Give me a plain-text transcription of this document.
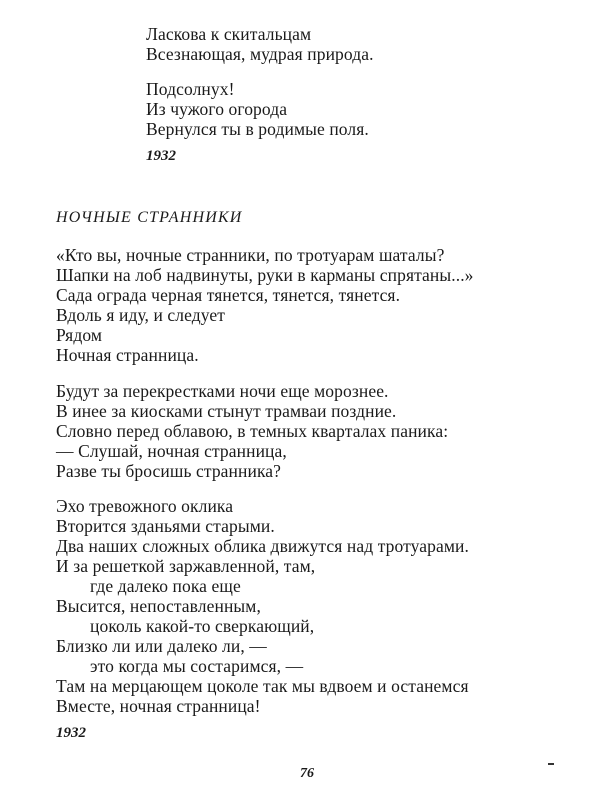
Ласкова к скитальцам
Всезнающая, мудрая природа.
Подсолнух!
Из чужого огорода
Вернулся ты в родимые поля.
1932
НОЧНЫЕ СТРАННИКИ
«Кто вы, ночные странники, по тротуарам шаталы?
Шапки на лоб надвинуты, руки в карманы спрятаны...»
Сада ограда черная тянется, тянется, тянется.
Вдоль я иду, и следует
Рядом
Ночная странница.
Будут за перекрестками ночи еще морознее.
В инее за киосками стынут трамваи поздние.
Словно перед облавою, в темных кварталах паника:
— Слушай, ночная странница,
Разве ты бросишь странника?
Эхо тревожного оклика
Вторится зданьями старыми.
Два наших сложных облика движутся над тротуарами.
И за решеткой заржавленной, там,
где далеко пока еще
Высится, непоставленным,
цоколь какой-то сверкающий,
Близко ли или далеко ли, —
это когда мы состаримся, —
Там на мерцающем цоколе так мы вдвоем и останемся
Вместе, ночная странница!
1932
76
